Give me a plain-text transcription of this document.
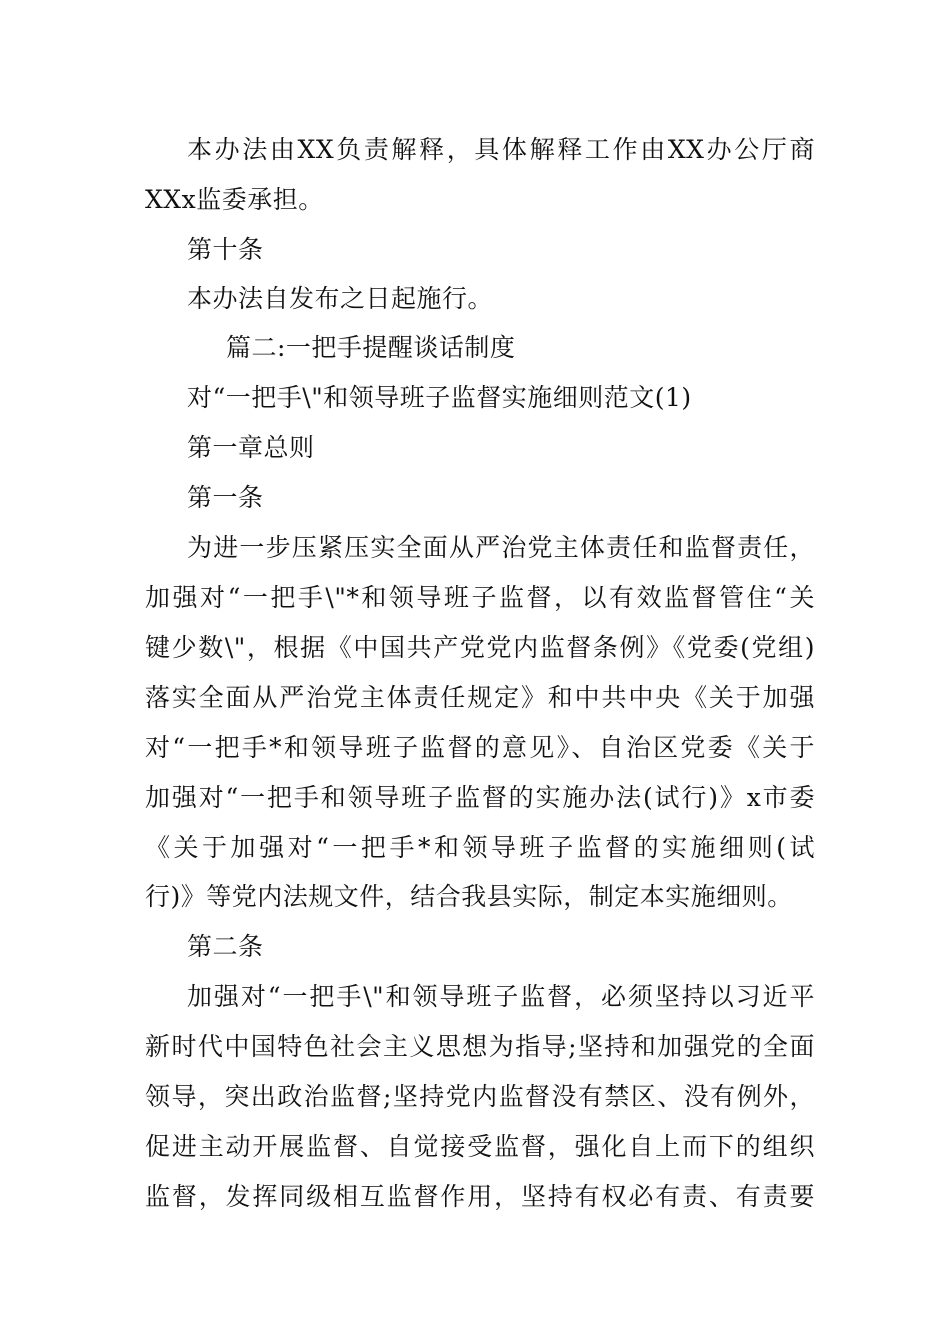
本办法由XX负责解释，具体解释工作由XX办公厅商
XXx监委承担。
第十条
本办法自发布之日起施行。
篇二:一把手提醒谈话制度
对“一把手\"和领导班子监督实施细则范文(1)
第一章总则
第一条
为进一步压紧压实全面从严治党主体责任和监督责任，
加强对“一把手\"*和领导班子监督，以有效监督管住“关
键少数\"，根据《中国共产党党内监督条例》《党委(党组)
落实全面从严治党主体责任规定》和中共中央《关于加强
对“一把手*和领导班子监督的意见》、自治区党委《关于
加强对“一把手和领导班子监督的实施办法(试行)》x市委
《关于加强对“一把手*和领导班子监督的实施细则(试
行)》等党内法规文件，结合我县实际，制定本实施细则。
第二条
加强对“一把手\"和领导班子监督，必须坚持以习近平
新时代中国特色社会主义思想为指导;坚持和加强党的全面
领导，突出政治监督;坚持党内监督没有禁区、没有例外，
促进主动开展监督、自觉接受监督，强化自上而下的组织
监督，发挥同级相互监督作用，坚持有权必有责、有责要
